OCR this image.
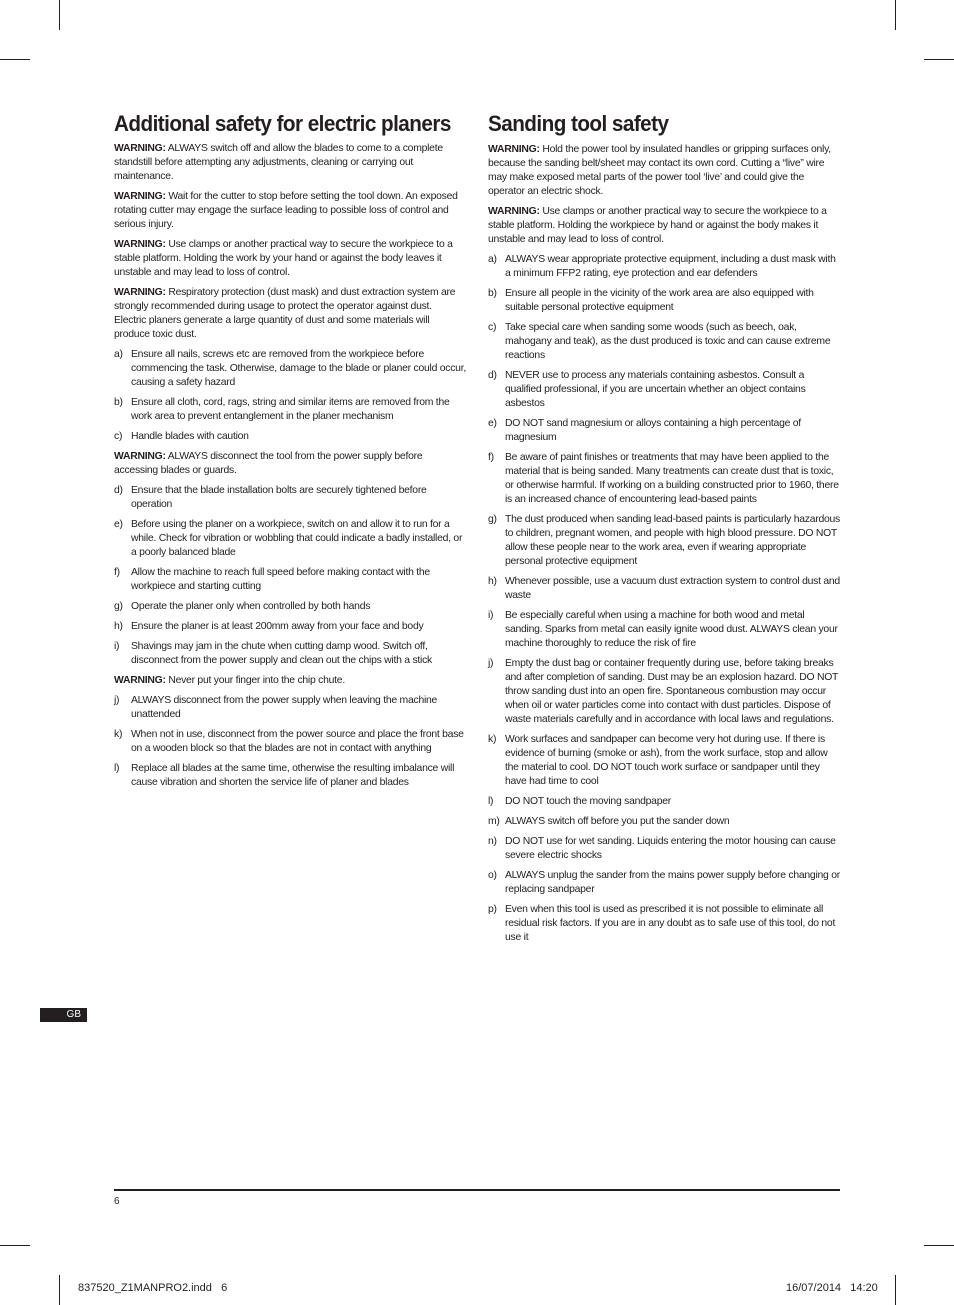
Additional safety for electric planers

WARNING: ALWAYS switch off and allow the blades to come to a complete standstill before attempting any adjustments, cleaning or carrying out maintenance.

WARNING: Wait for the cutter to stop before setting the tool down. An exposed rotating cutter may engage the surface leading to possible loss of control and serious injury.

WARNING: Use clamps or another practical way to secure the workpiece to a stable platform. Holding the work by your hand or against the body leaves it unstable and may lead to loss of control.

WARNING: Respiratory protection (dust mask) and dust extraction system are strongly recommended during usage to protect the operator against dust. Electric planers generate a large quantity of dust and some materials will produce toxic dust.

a) Ensure all nails, screws etc are removed from the workpiece before commencing the task. Otherwise, damage to the blade or planer could occur, causing a safety hazard
b) Ensure all cloth, cord, rags, string and similar items are removed from the work area to prevent entanglement in the planer mechanism
c) Handle blades with caution

WARNING: ALWAYS disconnect the tool from the power supply before accessing blades or guards.

d) Ensure that the blade installation bolts are securely tightened before operation
e) Before using the planer on a workpiece, switch on and allow it to run for a while. Check for vibration or wobbling that could indicate a badly installed, or a poorly balanced blade
f)	Allow the machine to reach full speed before making contact with the workpiece and starting cutting
g) Operate the planer only when controlled by both hands
h) Ensure the planer is at least 200mm away from your face and body
i)	Shavings may jam in the chute when cutting damp wood. Switch off, disconnect from the power supply and clean out the chips with a stick

WARNING: Never put your finger into the chip chute.

j)	ALWAYS disconnect from the power supply when leaving the machine unattended
k) When not in use, disconnect from the power source and place the front base on a wooden block so that the blades are not in contact with anything
l)	Replace all blades at the same time, otherwise the resulting imbalance will cause vibration and shorten the service life of planer and blades
Sanding tool safety

WARNING: Hold the power tool by insulated handles or gripping surfaces only, because the sanding belt/sheet may contact its own cord. Cutting a “live” wire may make exposed metal parts of the power tool ‘live’ and could give the operator an electric shock.

WARNING: Use clamps or another practical way to secure the workpiece to a stable platform. Holding the workpiece by hand or against the body makes it unstable and may lead to loss of control.

a) ALWAYS wear appropriate protective equipment, including a dust mask with a minimum FFP2 rating, eye protection and ear defenders
b) Ensure all people in the vicinity of the work area are also equipped with suitable personal protective equipment
c) Take special care when sanding some woods (such as beech, oak, mahogany and teak), as the dust produced is toxic and can cause extreme reactions
d) NEVER use to process any materials containing asbestos. Consult a qualified professional, if you are uncertain whether an object contains asbestos
e) DO NOT sand magnesium or alloys containing a high percentage of magnesium
f)	Be aware of paint finishes or treatments that may have been applied to the material that is being sanded. Many treatments can create dust that is toxic, or otherwise harmful. If working on a building constructed prior to 1960, there is an increased chance of encountering lead-based paints
g) The dust produced when sanding lead-based paints is particularly hazardous to children, pregnant women, and people with high blood pressure. DO NOT allow these people near to the work area, even if wearing appropriate personal protective equipment
h) Whenever possible, use a vacuum dust extraction system to control dust and waste
i)	Be especially careful when using a machine for both wood and metal sanding. Sparks from metal can easily ignite wood dust. ALWAYS clean your machine thoroughly to reduce the risk of fire
j)	Empty the dust bag or container frequently during use, before taking breaks and after completion of sanding. Dust may be an explosion hazard. DO NOT throw sanding dust into an open fire. Spontaneous combustion may occur when oil or water particles come into contact with dust particles. Dispose of waste materials carefully and in accordance with local laws and regulations.
k) Work surfaces and sandpaper can become very hot during use. If there is evidence of burning (smoke or ash), from the work surface, stop and allow the material to cool. DO NOT touch work surface or sandpaper until they have had time to cool
l)	DO NOT touch the moving sandpaper
m) ALWAYS switch off before you put the sander down
n) DO NOT use for wet sanding. Liquids entering the motor housing can cause severe electric shocks
o) ALWAYS unplug the sander from the mains power supply before changing or replacing sandpaper
p) Even when this tool is used as prescribed it is not possible to eliminate all residual risk factors. If you are in any doubt as to safe use of this tool, do not use it
GB
6
837520_Z1MANPRO2.indd   6	16/07/2014   14:20
